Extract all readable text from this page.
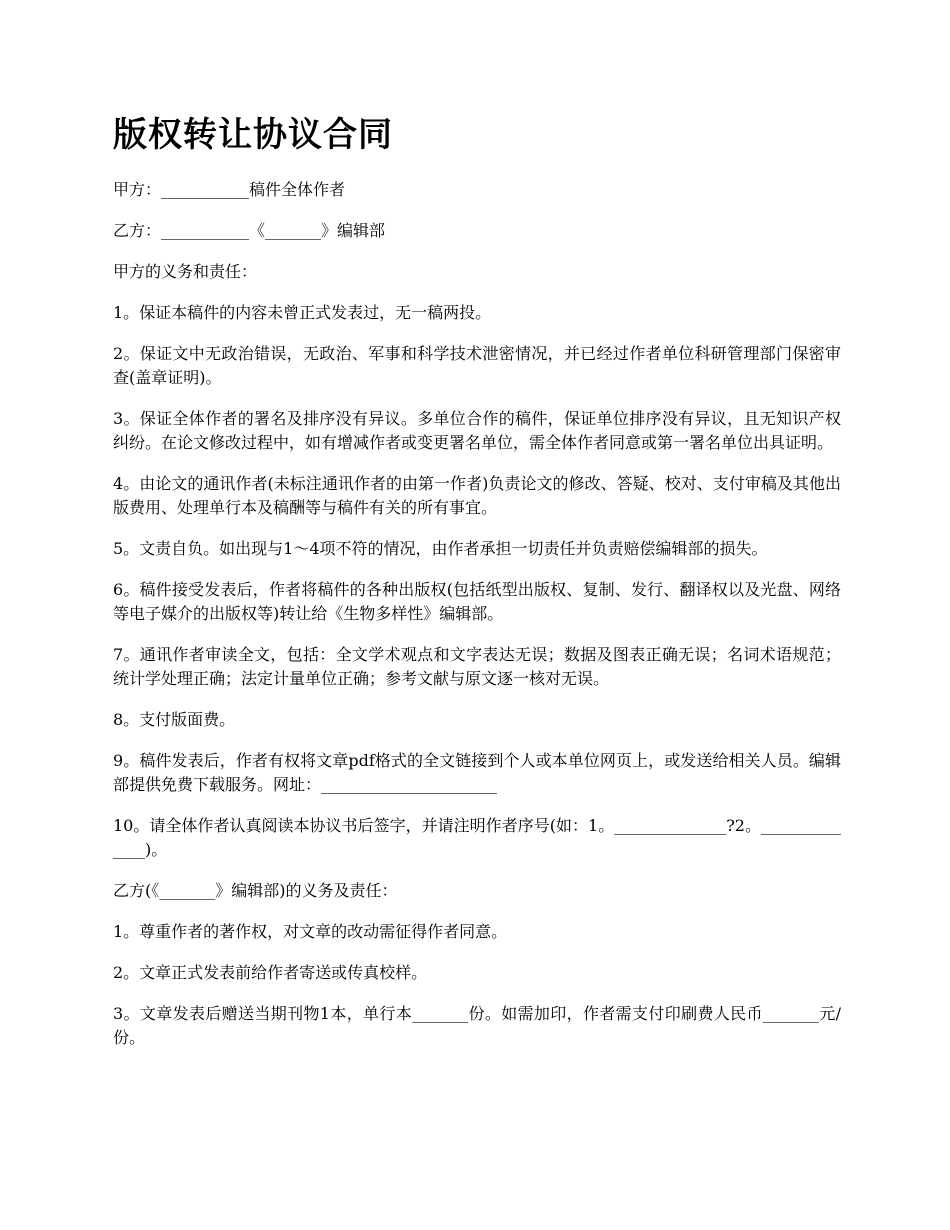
版权转让协议合同

甲方：___________稿件全体作者

乙方：___________《_______》编辑部

甲方的义务和责任：

1。保证本稿件的内容未曾正式发表过，无一稿两投。

2。保证文中无政治错误，无政治、军事和科学技术泄密情况，并已经过作者单位科研管理部门保密审查(盖章证明)。

3。保证全体作者的署名及排序没有异议。多单位合作的稿件，保证单位排序没有异议，且无知识产权纠纷。在论文修改过程中，如有增减作者或变更署名单位，需全体作者同意或第一署名单位出具证明。

4。由论文的通讯作者(未标注通讯作者的由第一作者)负责论文的修改、答疑、校对、支付审稿及其他出版费用、处理单行本及稿酬等与稿件有关的所有事宜。

5。文责自负。如出现与1～4项不符的情况，由作者承担一切责任并负责赔偿编辑部的损失。

6。稿件接受发表后，作者将稿件的各种出版权(包括纸型出版权、复制、发行、翻译权以及光盘、网络等电子媒介的出版权等)转让给《生物多样性》编辑部。

7。通讯作者审读全文，包括：全文学术观点和文字表达无误；数据及图表正确无误；名词术语规范；统计学处理正确；法定计量单位正确；参考文献与原文逐一核对无误。

8。支付版面费。

9。稿件发表后，作者有权将文章pdf格式的全文链接到个人或本单位网页上，或发送给相关人员。编辑部提供免费下载服务。网址：______________________

10。请全体作者认真阅读本协议书后签字，并请注明作者序号(如：1。______________?2。______________)。

乙方(《_______》编辑部)的义务及责任：

1。尊重作者的著作权，对文章的改动需征得作者同意。

2。文章正式发表前给作者寄送或传真校样。

3。文章发表后赠送当期刊物1本，单行本_______份。如需加印，作者需支付印刷费人民币_______元/份。
